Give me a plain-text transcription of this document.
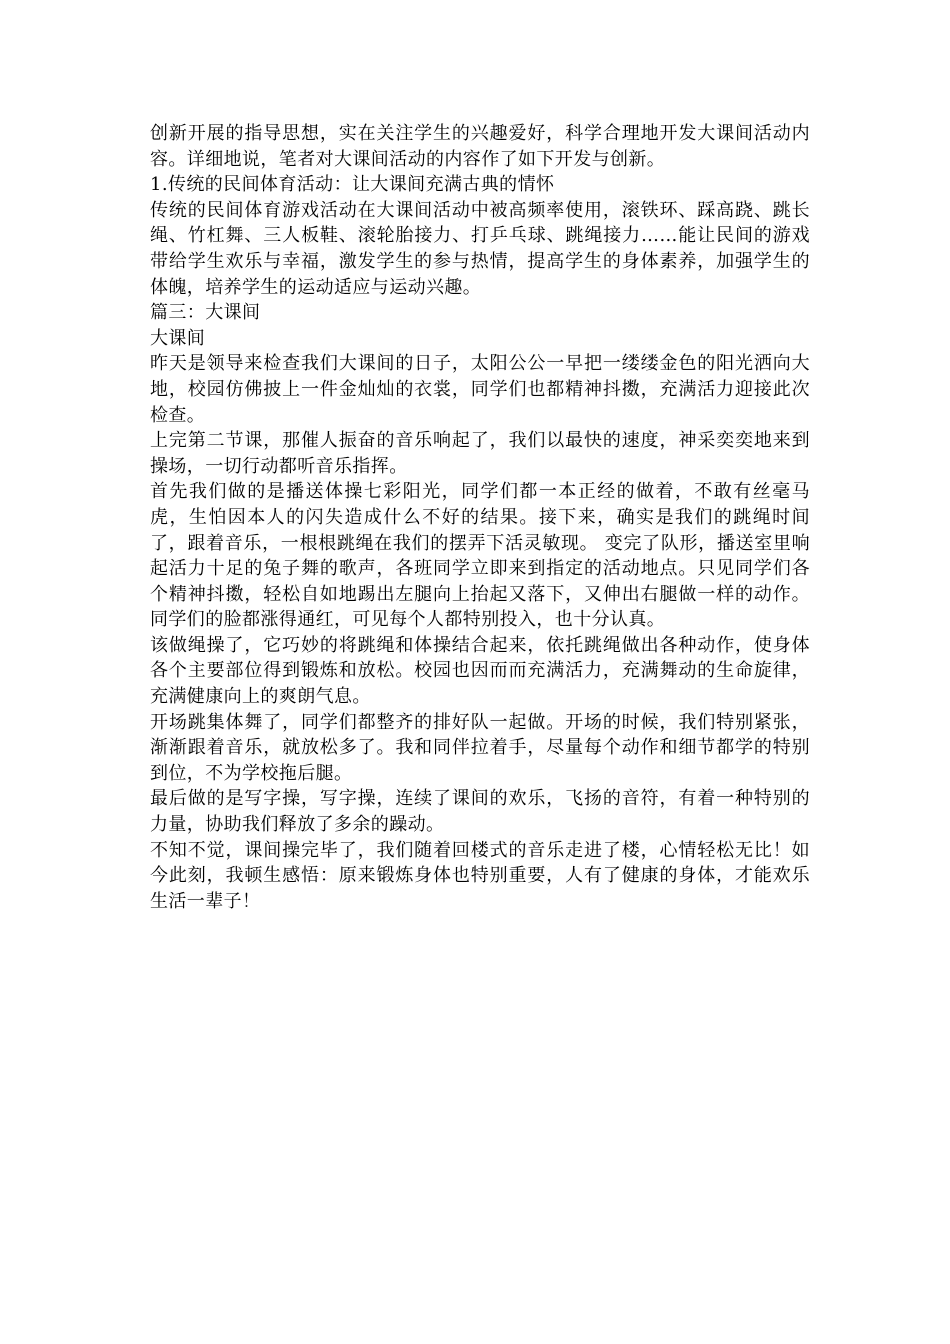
创新开展的指导思想，实在关注学生的兴趣爱好，科学合理地开发大课间活动内容。详细地说，笔者对大课间活动的内容作了如下开发与创新。

1.传统的民间体育活动：让大课间充满古典的情怀

传统的民间体育游戏活动在大课间活动中被高频率使用，滚铁环、踩高跷、跳长绳、竹杠舞、三人板鞋、滚轮胎接力、打乒乓球、跳绳接力……能让民间的游戏带给学生欢乐与幸福，激发学生的参与热情，提高学生的身体素养，加强学生的体魄，培养学生的运动适应与运动兴趣。

篇三：大课间

大课间

昨天是领导来检查我们大课间的日子，太阳公公一早把一缕缕金色的阳光洒向大地，校园仿佛披上一件金灿灿的衣裳，同学们也都精神抖擞，充满活力迎接此次检查。

上完第二节课，那催人振奋的音乐响起了，我们以最快的速度，神采奕奕地来到操场，一切行动都听音乐指挥。

首先我们做的是播送体操七彩阳光，同学们都一本正经的做着，不敢有丝毫马虎，生怕因本人的闪失造成什么不好的结果。接下来，确实是我们的跳绳时间了，跟着音乐，一根根跳绳在我们的摆弄下活灵敏现。 变完了队形，播送室里响起活力十足的兔子舞的歌声，各班同学立即来到指定的活动地点。只见同学们各个精神抖擞，轻松自如地踢出左腿向上抬起又落下，又伸出右腿做一样的动作。同学们的脸都涨得通红，可见每个人都特别投入，也十分认真。

该做绳操了，它巧妙的将跳绳和体操结合起来，依托跳绳做出各种动作，使身体各个主要部位得到锻炼和放松。校园也因而而充满活力，充满舞动的生命旋律，充满健康向上的爽朗气息。

开场跳集体舞了，同学们都整齐的排好队一起做。开场的时候，我们特别紧张，渐渐跟着音乐，就放松多了。我和同伴拉着手，尽量每个动作和细节都学的特别到位，不为学校拖后腿。

最后做的是写字操，写字操，连续了课间的欢乐，飞扬的音符，有着一种特别的力量，协助我们释放了多余的躁动。

不知不觉，课间操完毕了，我们随着回楼式的音乐走进了楼，心情轻松无比！如今此刻，我顿生感悟：原来锻炼身体也特别重要，人有了健康的身体，才能欢乐生活一辈子！
